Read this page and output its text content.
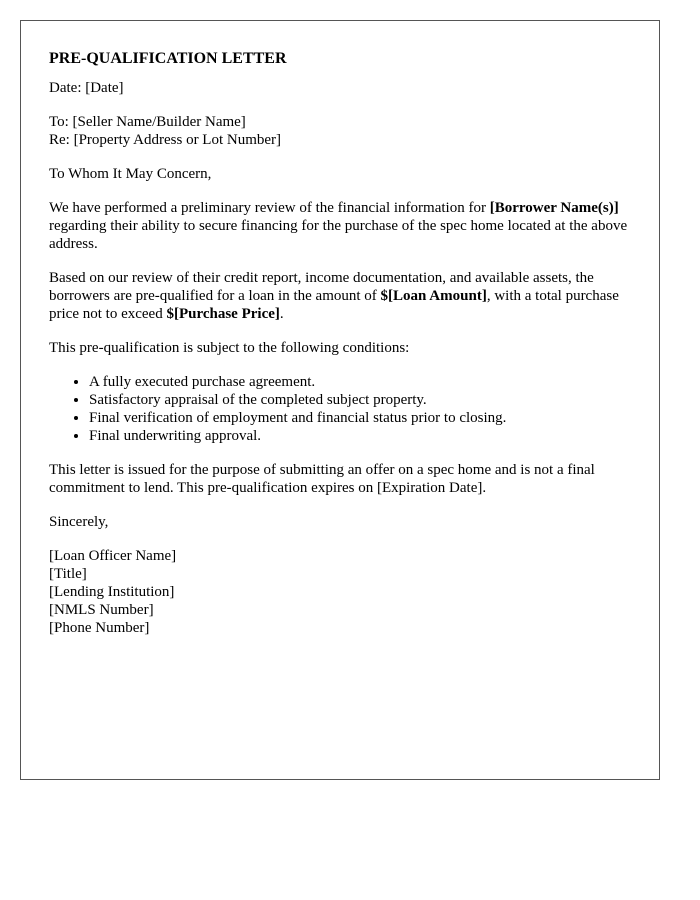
PRE-QUALIFICATION LETTER

Date: [Date]

To: [Seller Name/Builder Name]
Re: [Property Address or Lot Number]

To Whom It May Concern,

We have performed a preliminary review of the financial information for [Borrower Name(s)] regarding their ability to secure financing for the purchase of the spec home located at the above address.

Based on our review of their credit report, income documentation, and available assets, the borrowers are pre-qualified for a loan in the amount of $[Loan Amount], with a total purchase price not to exceed $[Purchase Price].

This pre-qualification is subject to the following conditions:

• A fully executed purchase agreement.
• Satisfactory appraisal of the completed subject property.
• Final verification of employment and financial status prior to closing.
• Final underwriting approval.

This letter is issued for the purpose of submitting an offer on a spec home and is not a final commitment to lend. This pre-qualification expires on [Expiration Date].

Sincerely,

[Loan Officer Name]
[Title]
[Lending Institution]
[NMLS Number]
[Phone Number]
